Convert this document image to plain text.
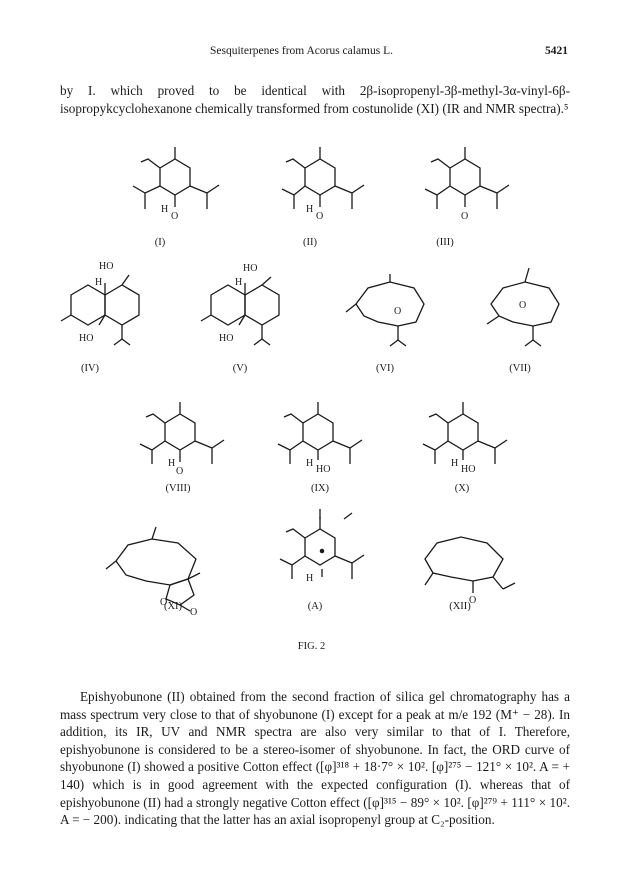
Sesquiterpenes from Acorus calamus L.	5421

by I. which proved to be identical with 2β-isopropenyl-3β-methyl-3α-vinyl-6β-isopropykcyclohexanone chemically transformed from costunolide (XI) (IR and NMR spectra).⁵

H
O
H
O	O
HO
H
HO
HO
H
HO
O
O
H
O
H
HO
H
HO
O
O
H
O
(I)	(II)	(III)
(IV)	(V)	(VI)	(VII)
(VIII)	(IX)	(X)
(XI)	(A)	(XII)
FIG. 2

Epishyobunone (II) obtained from the second fraction of silica gel chromatography has a mass spectrum very close to that of shyobunone (I) except for a peak at m/e 192 (M⁺ − 28). In addition, its IR, UV and NMR spectra are also very similar to that of I. Therefore, epishyobunone is considered to be a stereo-isomer of shyobunone. In fact, the ORD curve of shyobunone (I) showed a positive Cotton effect ([φ]³¹⁸ + 18·7° × 10². [φ]²⁷⁵ − 121° × 10². A = + 140) which is in good agreement with the expected configuration (I). whereas that of epishyobunone (II) had a strongly negative Cotton effect ([φ]³¹⁵ − 89° × 10². [φ]²⁷⁹ + 111° × 10². A = − 200). indicating that the latter has an axial isopropenyl group at C₂-position.
